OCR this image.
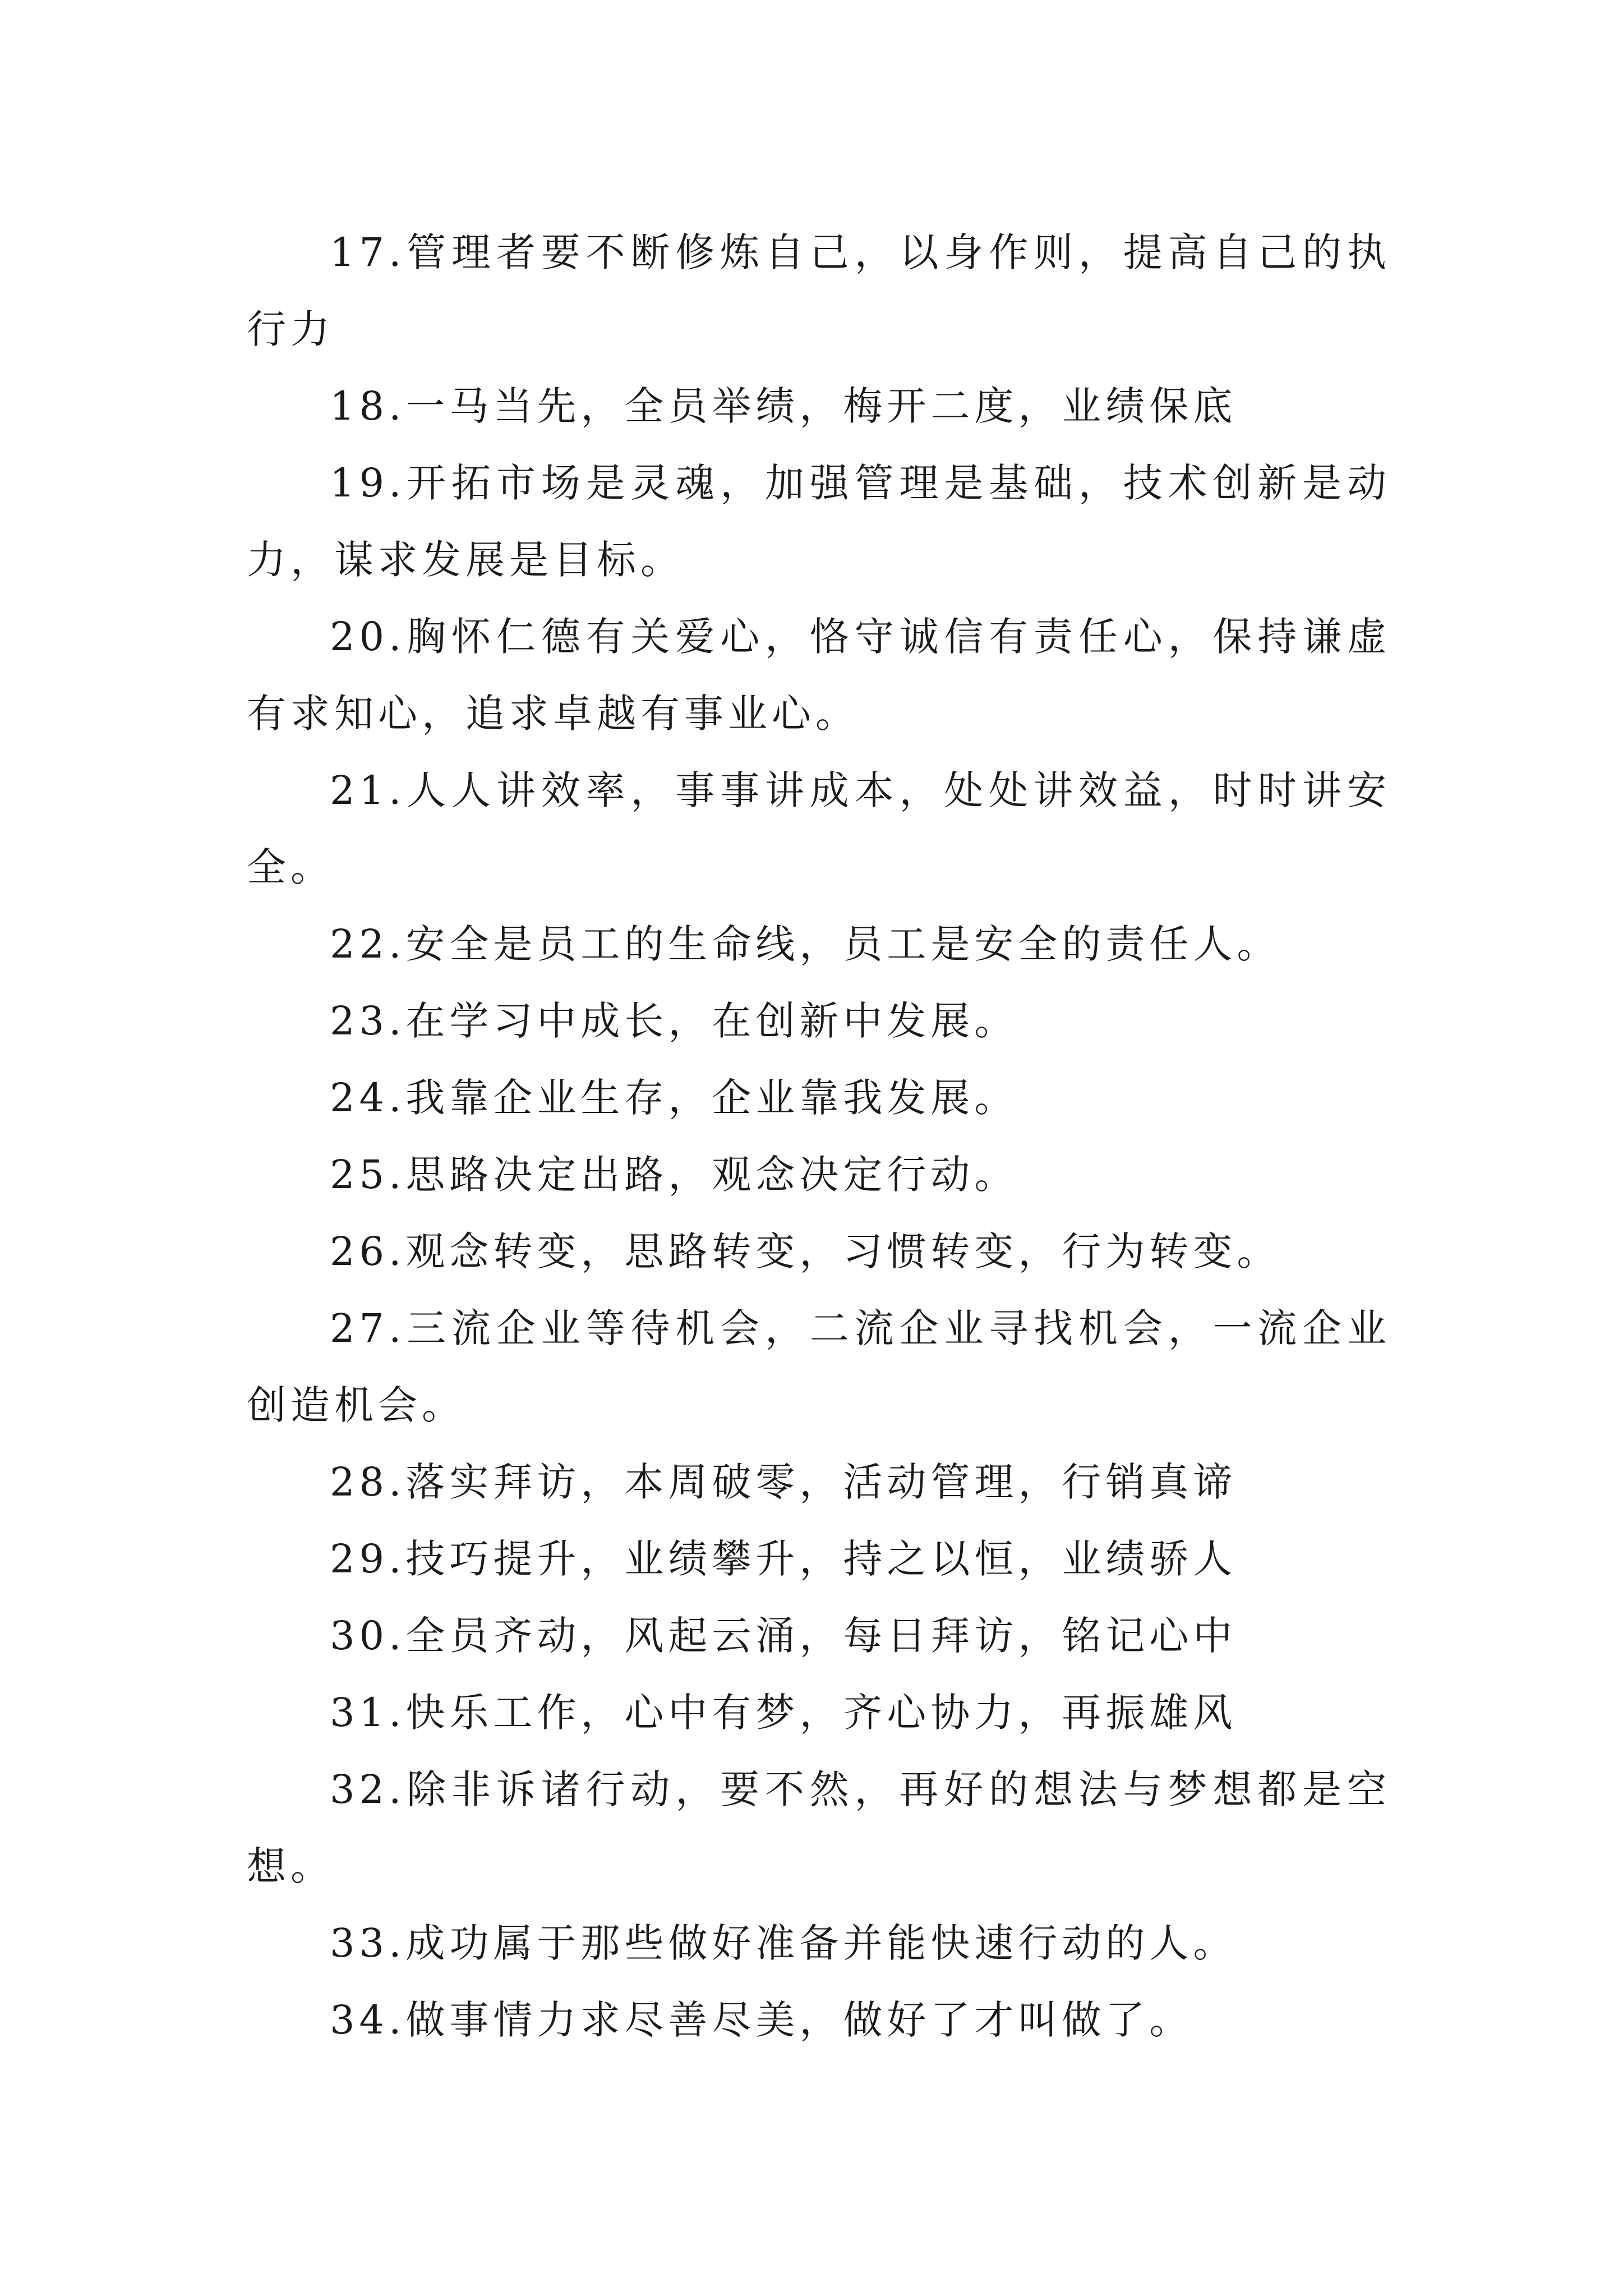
17.管理者要不断修炼自己，以身作则，提高自己的执行力

18.一马当先，全员举绩，梅开二度，业绩保底

19.开拓市场是灵魂，加强管理是基础，技术创新是动力，谋求发展是目标。

20.胸怀仁德有关爱心，恪守诚信有责任心，保持谦虚有求知心，追求卓越有事业心。

21.人人讲效率，事事讲成本，处处讲效益，时时讲安全。

22.安全是员工的生命线，员工是安全的责任人。

23.在学习中成长，在创新中发展。

24.我靠企业生存，企业靠我发展。

25.思路决定出路，观念决定行动。

26.观念转变，思路转变，习惯转变，行为转变。

27.三流企业等待机会，二流企业寻找机会，一流企业创造机会。

28.落实拜访，本周破零，活动管理，行销真谛

29.技巧提升，业绩攀升，持之以恒，业绩骄人

30.全员齐动，风起云涌，每日拜访，铭记心中

31.快乐工作，心中有梦，齐心协力，再振雄风

32.除非诉诸行动，要不然，再好的想法与梦想都是空想。

33.成功属于那些做好准备并能快速行动的人。

34.做事情力求尽善尽美，做好了才叫做了。
